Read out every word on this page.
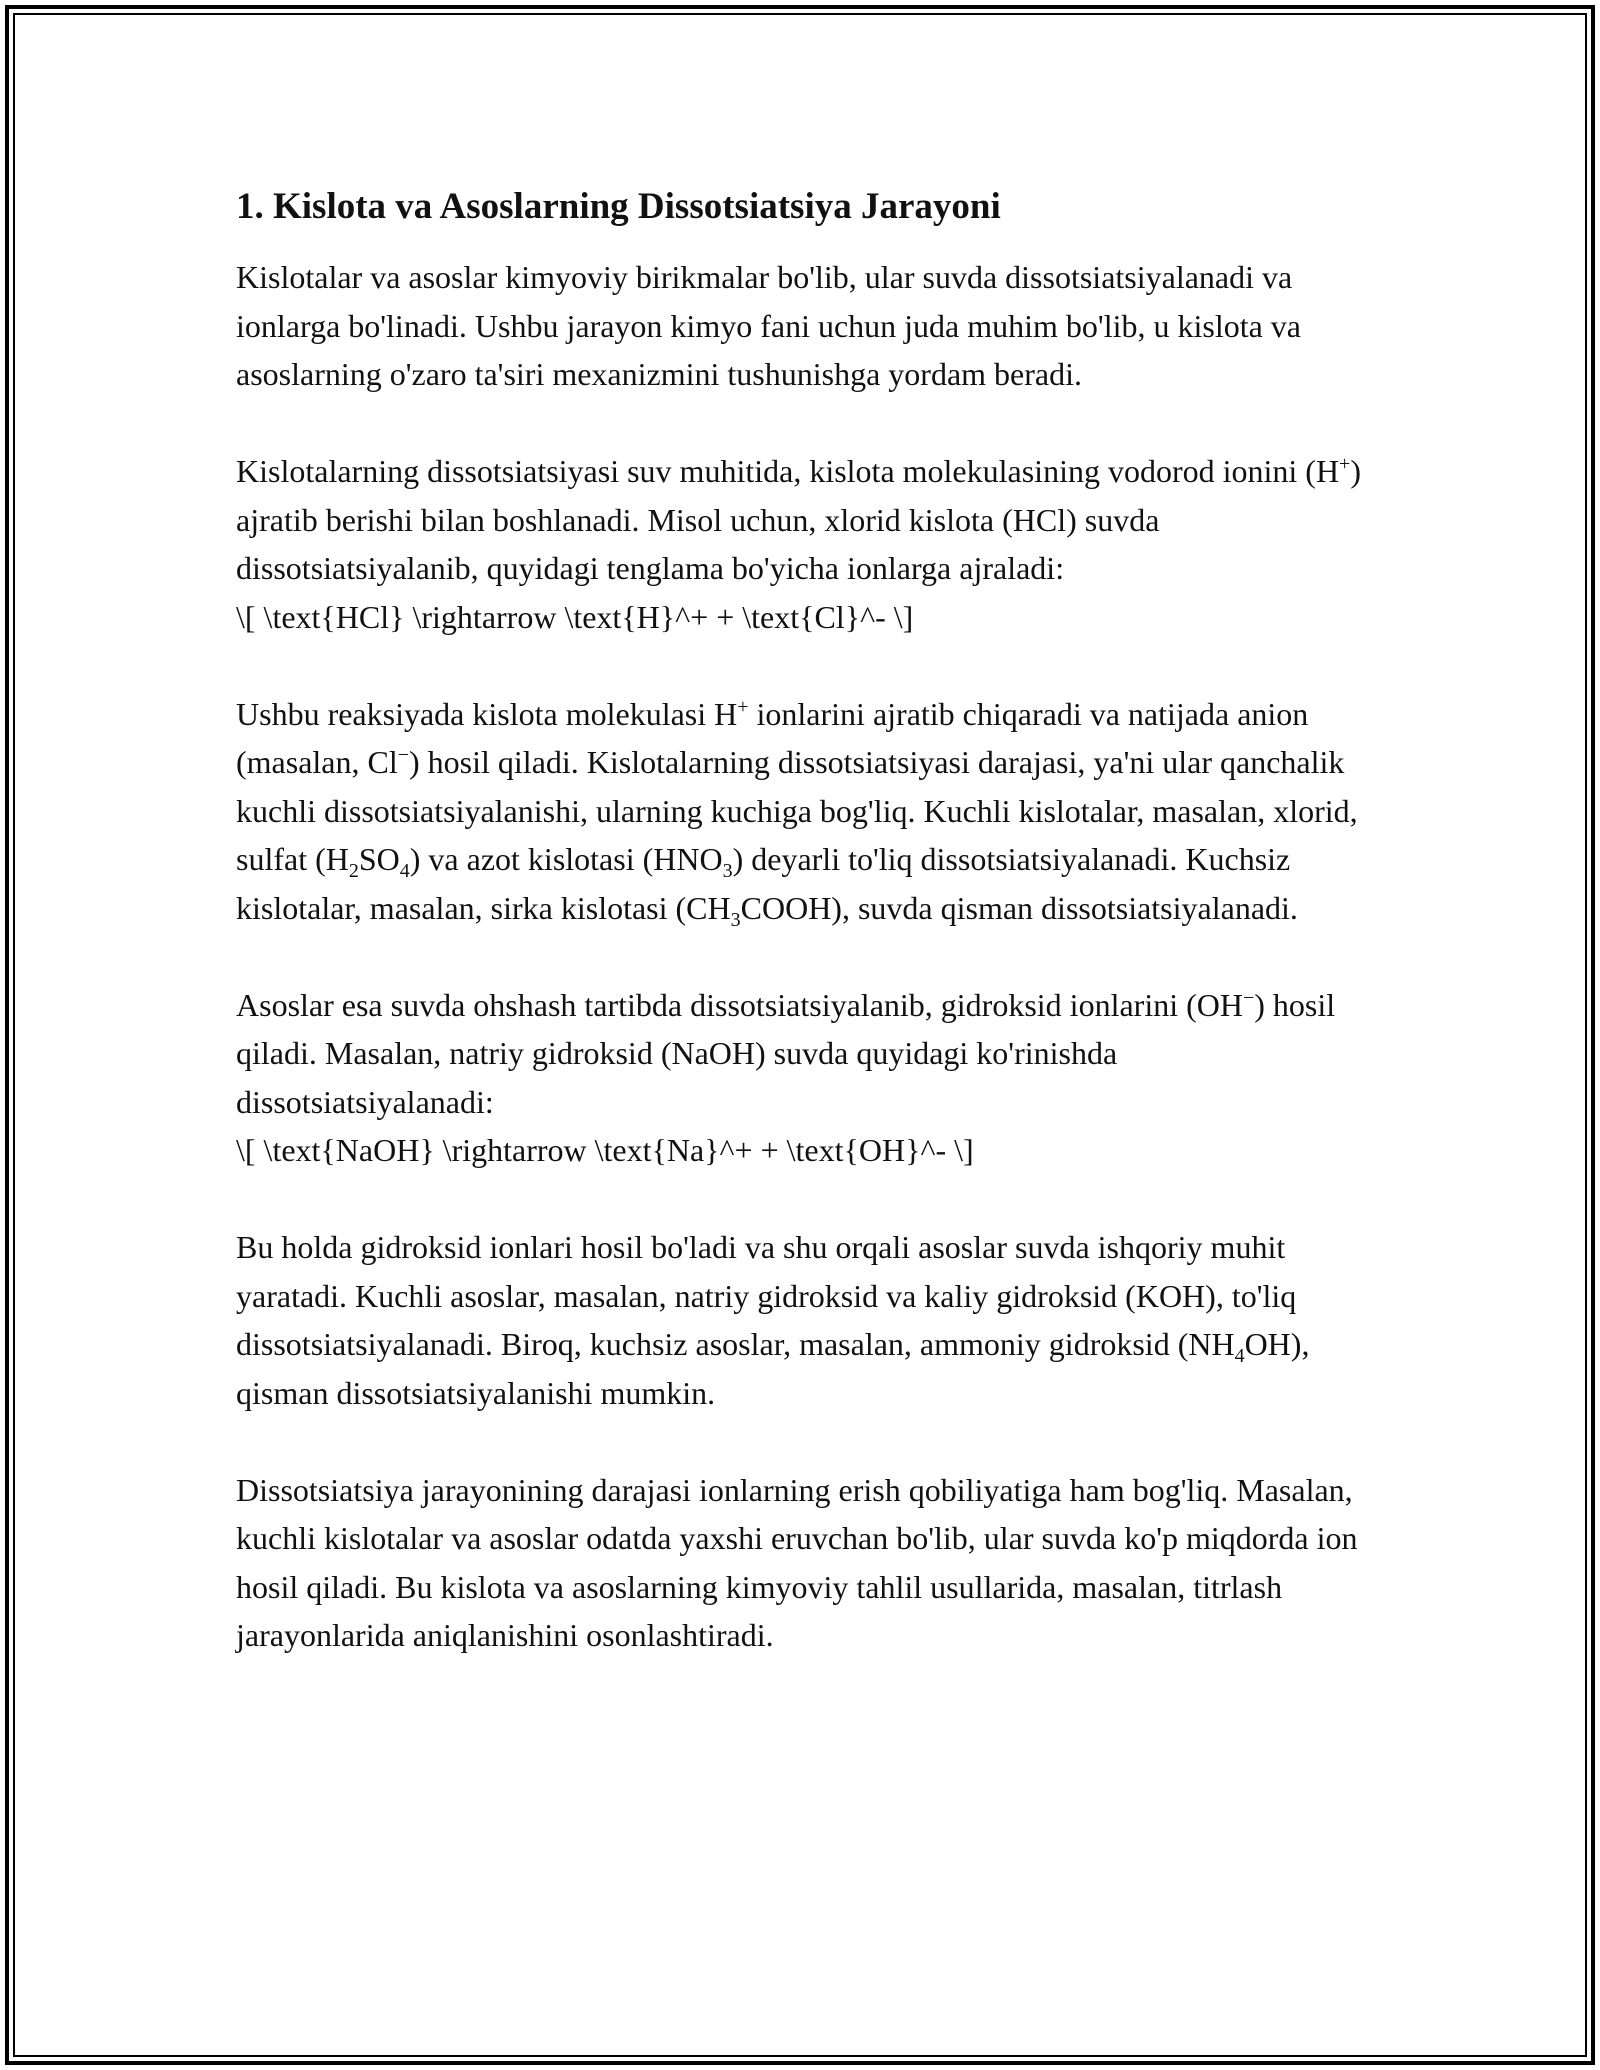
1. Kislota va Asoslarning Dissotsiatsiya Jarayoni

Kislotalar va asoslar kimyoviy birikmalar bo'lib, ular suvda dissotsiatsiyalanadi va ionlarga bo'linadi. Ushbu jarayon kimyo fani uchun juda muhim bo'lib, u kislota va asoslarning o'zaro ta'siri mexanizmini tushunishga yordam beradi.

Kislotalarning dissotsiatsiyasi suv muhitida, kislota molekulasining vodorod ionini (H+) ajratib berishi bilan boshlanadi. Misol uchun, xlorid kislota (HCl) suvda dissotsiatsiyalanib, quyidagi tenglama bo'yicha ionlarga ajraladi:
\[ \text{HCl} \rightarrow \text{H}^+ + \text{Cl}^- \]

Ushbu reaksiyada kislota molekulasi H+ ionlarini ajratib chiqaradi va natijada anion (masalan, Cl−) hosil qiladi. Kislotalarning dissotsiatsiyasi darajasi, ya'ni ular qanchalik kuchli dissotsiatsiyalanishi, ularning kuchiga bog'liq. Kuchli kislotalar, masalan, xlorid, sulfat $(H_2SO_4)$ va azot kislotasi $(HNO_3)$ deyarli to'liq dissotsiatsiyalanadi. Kuchsiz kislotalar, masalan, sirka kislotasi $(CH_3COOH)$, suvda qisman dissotsiatsiyalanadi.

Asoslar esa suvda ohshash tartibda dissotsiatsiyalanib, gidroksid ionlarini (OH−) hosil qiladi. Masalan, natriy gidroksid (NaOH) suvda quyidagi ko'rinishda dissotsiatsiyalanadi:
\[ \text{NaOH} \rightarrow \text{Na}^+ + \text{OH}^- \]

Bu holda gidroksid ionlari hosil bo'ladi va shu orqali asoslar suvda ishqoriy muhit yaratadi. Kuchli asoslar, masalan, natriy gidroksid va kaliy gidroksid (KOH), to'liq dissotsiatsiyalanadi. Biroq, kuchsiz asoslar, masalan, ammoniy gidroksid $(NH_4OH)$, qisman dissotsiatsiyalanishi mumkin.

Dissotsiatsiya jarayonining darajasi ionlarning erish qobiliyatiga ham bog'liq. Masalan, kuchli kislotalar va asoslar odatda yaxshi eruvchan bo'lib, ular suvda ko'p miqdorda ion hosil qiladi. Bu kislota va asoslarning kimyoviy tahlil usullarida, masalan, titrlash jarayonlarida aniqlanishini osonlashtiradi.
